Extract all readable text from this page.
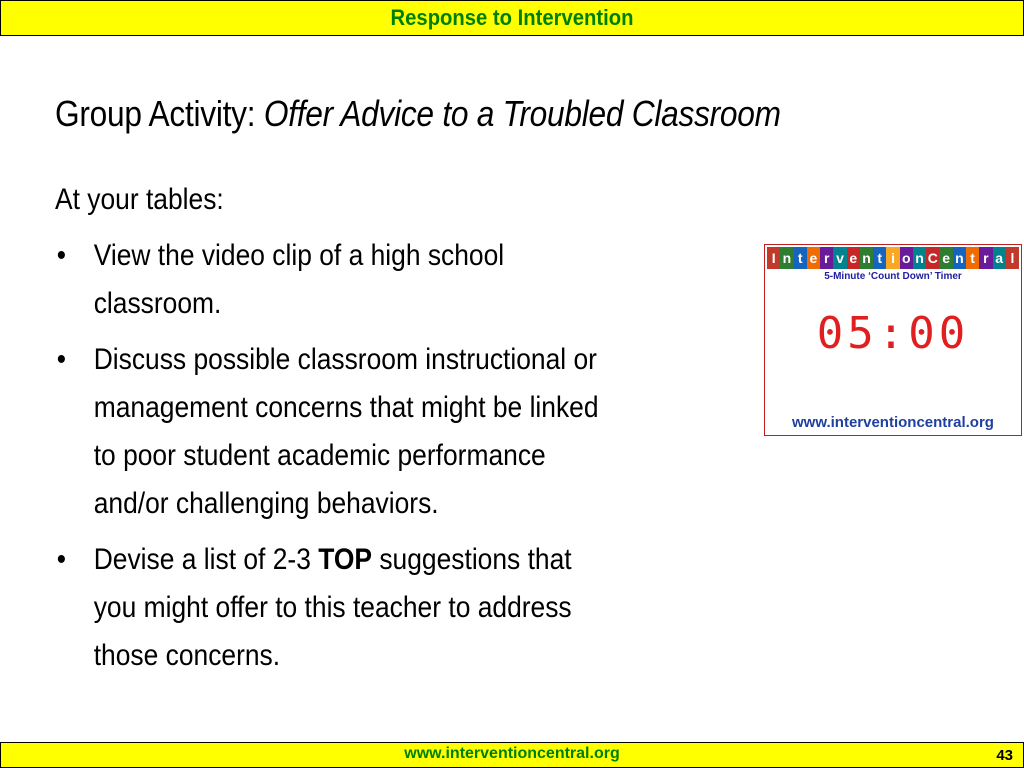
Response to Intervention
Group Activity: Offer Advice to a Troubled Classroom

At your tables:

• View the video clip of a high school classroom.
• Discuss possible classroom instructional or management concerns that might be linked to poor student academic performance and/or challenging behaviors.
• Devise a list of 2-3 TOP suggestions that you might offer to this teacher to address those concerns.
I n t e r v e n t i o n C e n t r a l
5-Minute ‘Count Down’ Timer
05:00
www.interventioncentral.org
www.interventioncentral.org	43
